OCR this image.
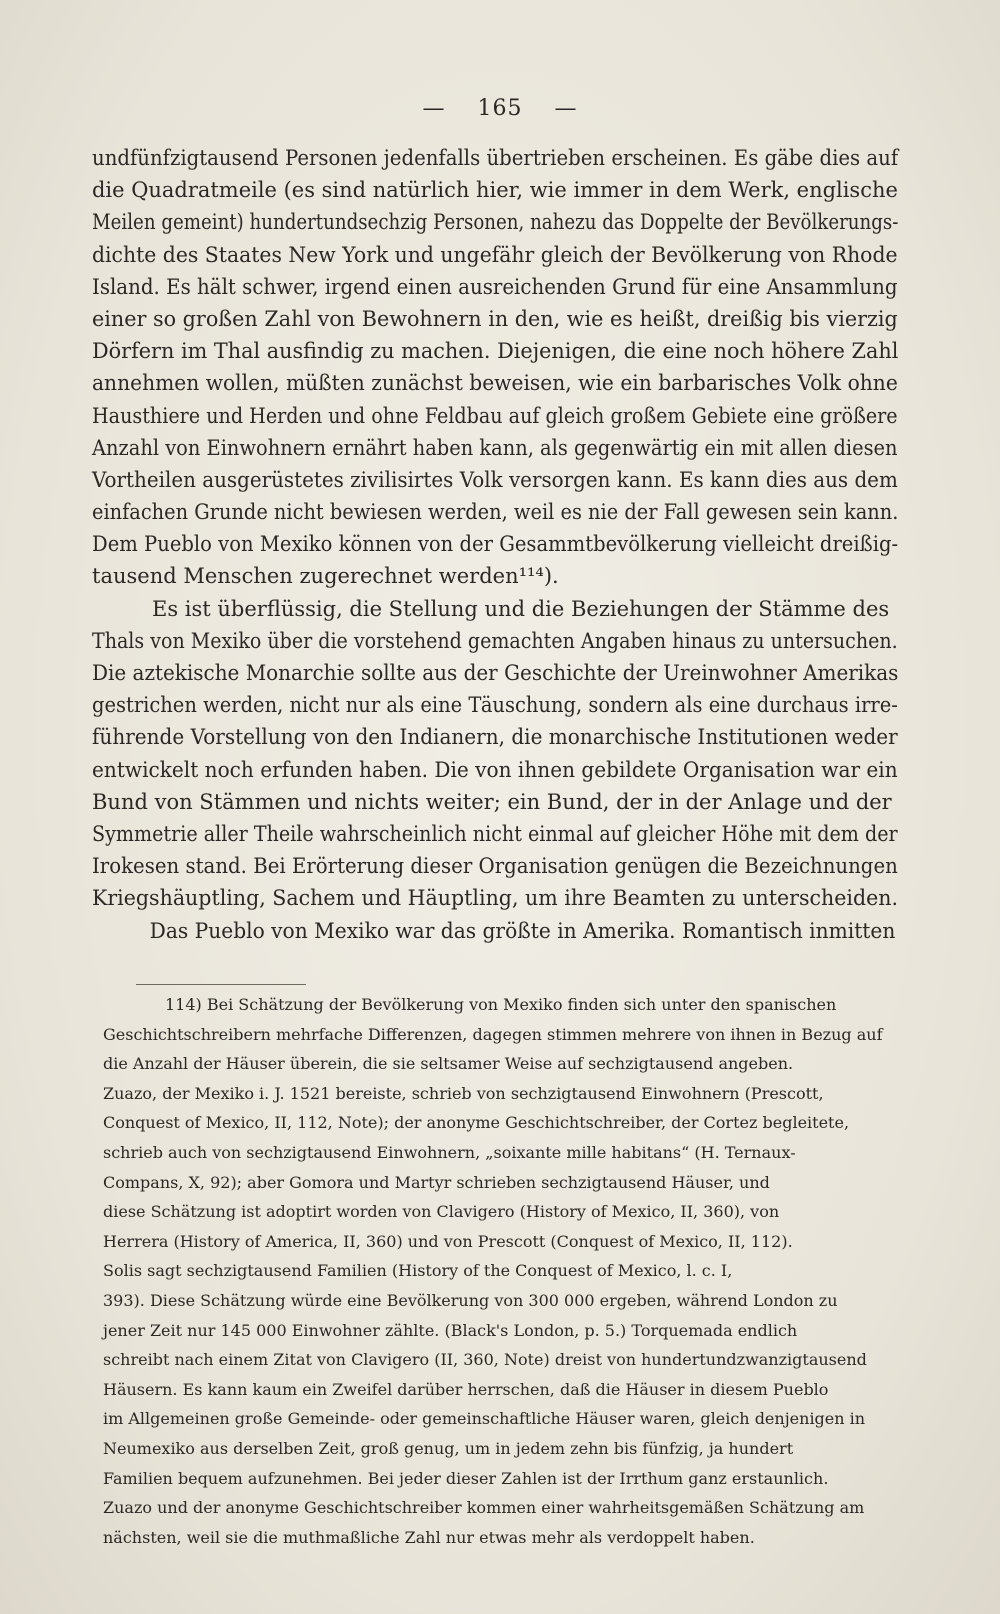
— 165 —
undfünfzigtausend Personen jedenfalls übertrieben erscheinen. Es gäbe dies auf
die Quadratmeile (es sind natürlich hier, wie immer in dem Werk, englische
Meilen gemeint) hundertundsechzig Personen, nahezu das Doppelte der Bevölkerungs-
dichte des Staates New York und ungefähr gleich der Bevölkerung von Rhode
Island. Es hält schwer, irgend einen ausreichenden Grund für eine Ansammlung
einer so großen Zahl von Bewohnern in den, wie es heißt, dreißig bis vierzig
Dörfern im Thal ausfindig zu machen. Diejenigen, die eine noch höhere Zahl
annehmen wollen, müßten zunächst beweisen, wie ein barbarisches Volk ohne
Hausthiere und Herden und ohne Feldbau auf gleich großem Gebiete eine größere
Anzahl von Einwohnern ernährt haben kann, als gegenwärtig ein mit allen diesen
Vortheilen ausgerüstetes zivilisirtes Volk versorgen kann. Es kann dies aus dem
einfachen Grunde nicht bewiesen werden, weil es nie der Fall gewesen sein kann.
Dem Pueblo von Mexiko können von der Gesammtbevölkerung vielleicht dreißig-
tausend Menschen zugerechnet werden¹¹⁴).
Es ist überflüssig, die Stellung und die Beziehungen der Stämme des
Thals von Mexiko über die vorstehend gemachten Angaben hinaus zu untersuchen.
Die aztekische Monarchie sollte aus der Geschichte der Ureinwohner Amerikas
gestrichen werden, nicht nur als eine Täuschung, sondern als eine durchaus irre-
führende Vorstellung von den Indianern, die monarchische Institutionen weder
entwickelt noch erfunden haben. Die von ihnen gebildete Organisation war ein
Bund von Stämmen und nichts weiter; ein Bund, der in der Anlage und der
Symmetrie aller Theile wahrscheinlich nicht einmal auf gleicher Höhe mit dem der
Irokesen stand. Bei Erörterung dieser Organisation genügen die Bezeichnungen
Kriegshäuptling, Sachem und Häuptling, um ihre Beamten zu unterscheiden.
Das Pueblo von Mexiko war das größte in Amerika. Romantisch inmitten
114) Bei Schätzung der Bevölkerung von Mexiko finden sich unter den spanischen
Geschichtschreibern mehrfache Differenzen, dagegen stimmen mehrere von ihnen in Bezug auf
die Anzahl der Häuser überein, die sie seltsamer Weise auf sechzigtausend angeben.
Zuazo, der Mexiko i. J. 1521 bereiste, schrieb von sechzigtausend Einwohnern (Prescott,
Conquest of Mexico, II, 112, Note); der anonyme Geschichtschreiber, der Cortez begleitete,
schrieb auch von sechzigtausend Einwohnern, „soixante mille habitans“ (H. Ternaux-
Compans, X, 92); aber Gomora und Martyr schrieben sechzigtausend Häuser, und
diese Schätzung ist adoptirt worden von Clavigero (History of Mexico, II, 360), von
Herrera (History of America, II, 360) und von Prescott (Conquest of Mexico, II, 112).
Solis sagt sechzigtausend Familien (History of the Conquest of Mexico, l. c. I,
393). Diese Schätzung würde eine Bevölkerung von 300 000 ergeben, während London zu
jener Zeit nur 145 000 Einwohner zählte. (Black's London, p. 5.) Torquemada endlich
schreibt nach einem Zitat von Clavigero (II, 360, Note) dreist von hundertundzwanzigtausend
Häusern. Es kann kaum ein Zweifel darüber herrschen, daß die Häuser in diesem Pueblo
im Allgemeinen große Gemeinde- oder gemeinschaftliche Häuser waren, gleich denjenigen in
Neumexiko aus derselben Zeit, groß genug, um in jedem zehn bis fünfzig, ja hundert
Familien bequem aufzunehmen. Bei jeder dieser Zahlen ist der Irrthum ganz erstaunlich.
Zuazo und der anonyme Geschichtschreiber kommen einer wahrheitsgemäßen Schätzung am
nächsten, weil sie die muthmaßliche Zahl nur etwas mehr als verdoppelt haben.
